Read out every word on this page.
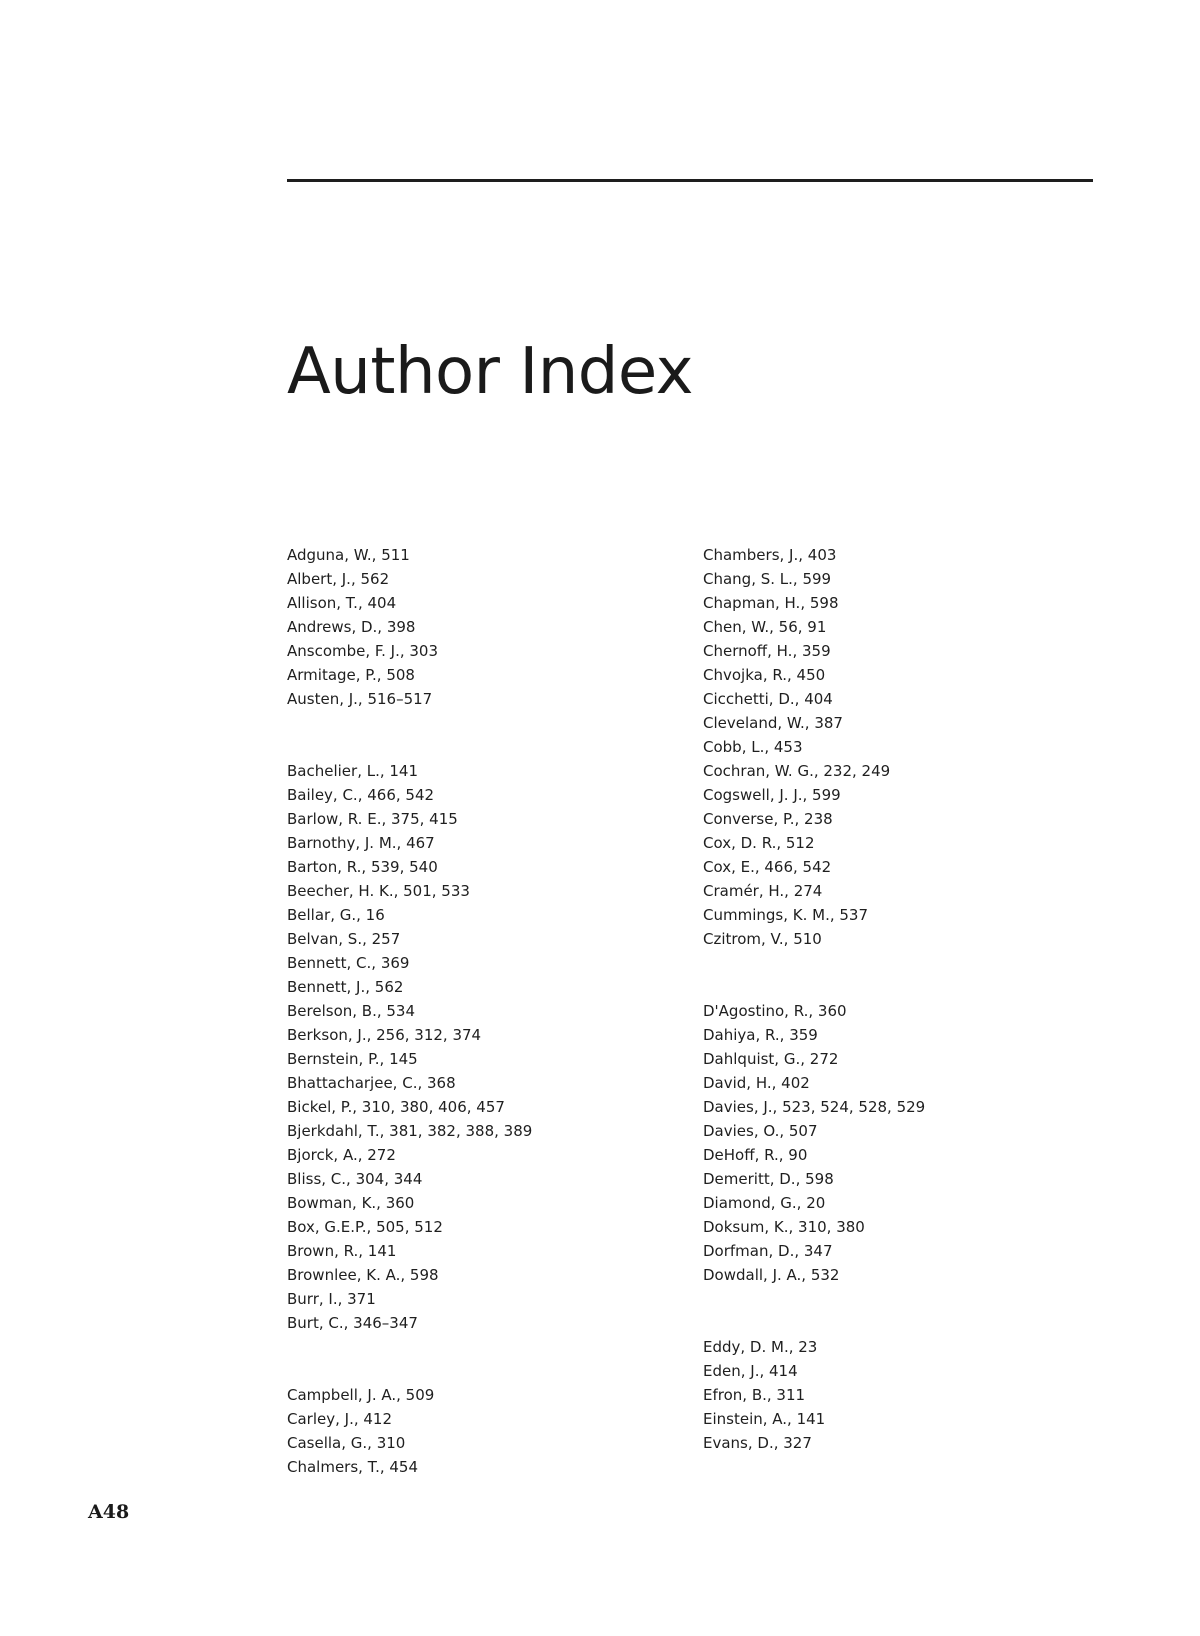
Author Index
Adguna, W., 511
Albert, J., 562
Allison, T., 404
Andrews, D., 398
Anscombe, F. J., 303
Armitage, P., 508
Austen, J., 516–517
Bachelier, L., 141
Bailey, C., 466, 542
Barlow, R. E., 375, 415
Barnothy, J. M., 467
Barton, R., 539, 540
Beecher, H. K., 501, 533
Bellar, G., 16
Belvan, S., 257
Bennett, C., 369
Bennett, J., 562
Berelson, B., 534
Berkson, J., 256, 312, 374
Bernstein, P., 145
Bhattacharjee, C., 368
Bickel, P., 310, 380, 406, 457
Bjerkdahl, T., 381, 382, 388, 389
Bjorck, A., 272
Bliss, C., 304, 344
Bowman, K., 360
Box, G.E.P., 505, 512
Brown, R., 141
Brownlee, K. A., 598
Burr, I., 371
Burt, C., 346–347
Campbell, J. A., 509
Carley, J., 412
Casella, G., 310
Chalmers, T., 454
Chambers, J., 403
Chang, S. L., 599
Chapman, H., 598
Chen, W., 56, 91
Chernoff, H., 359
Chvojka, R., 450
Cicchetti, D., 404
Cleveland, W., 387
Cobb, L., 453
Cochran, W. G., 232, 249
Cogswell, J. J., 599
Converse, P., 238
Cox, D. R., 512
Cox, E., 466, 542
Cramér, H., 274
Cummings, K. M., 537
Czitrom, V., 510
D'Agostino, R., 360
Dahiya, R., 359
Dahlquist, G., 272
David, H., 402
Davies, J., 523, 524, 528, 529
Davies, O., 507
DeHoff, R., 90
Demeritt, D., 598
Diamond, G., 20
Doksum, K., 310, 380
Dorfman, D., 347
Dowdall, J. A., 532
Eddy, D. M., 23
Eden, J., 414
Efron, B., 311
Einstein, A., 141
Evans, D., 327
A48
